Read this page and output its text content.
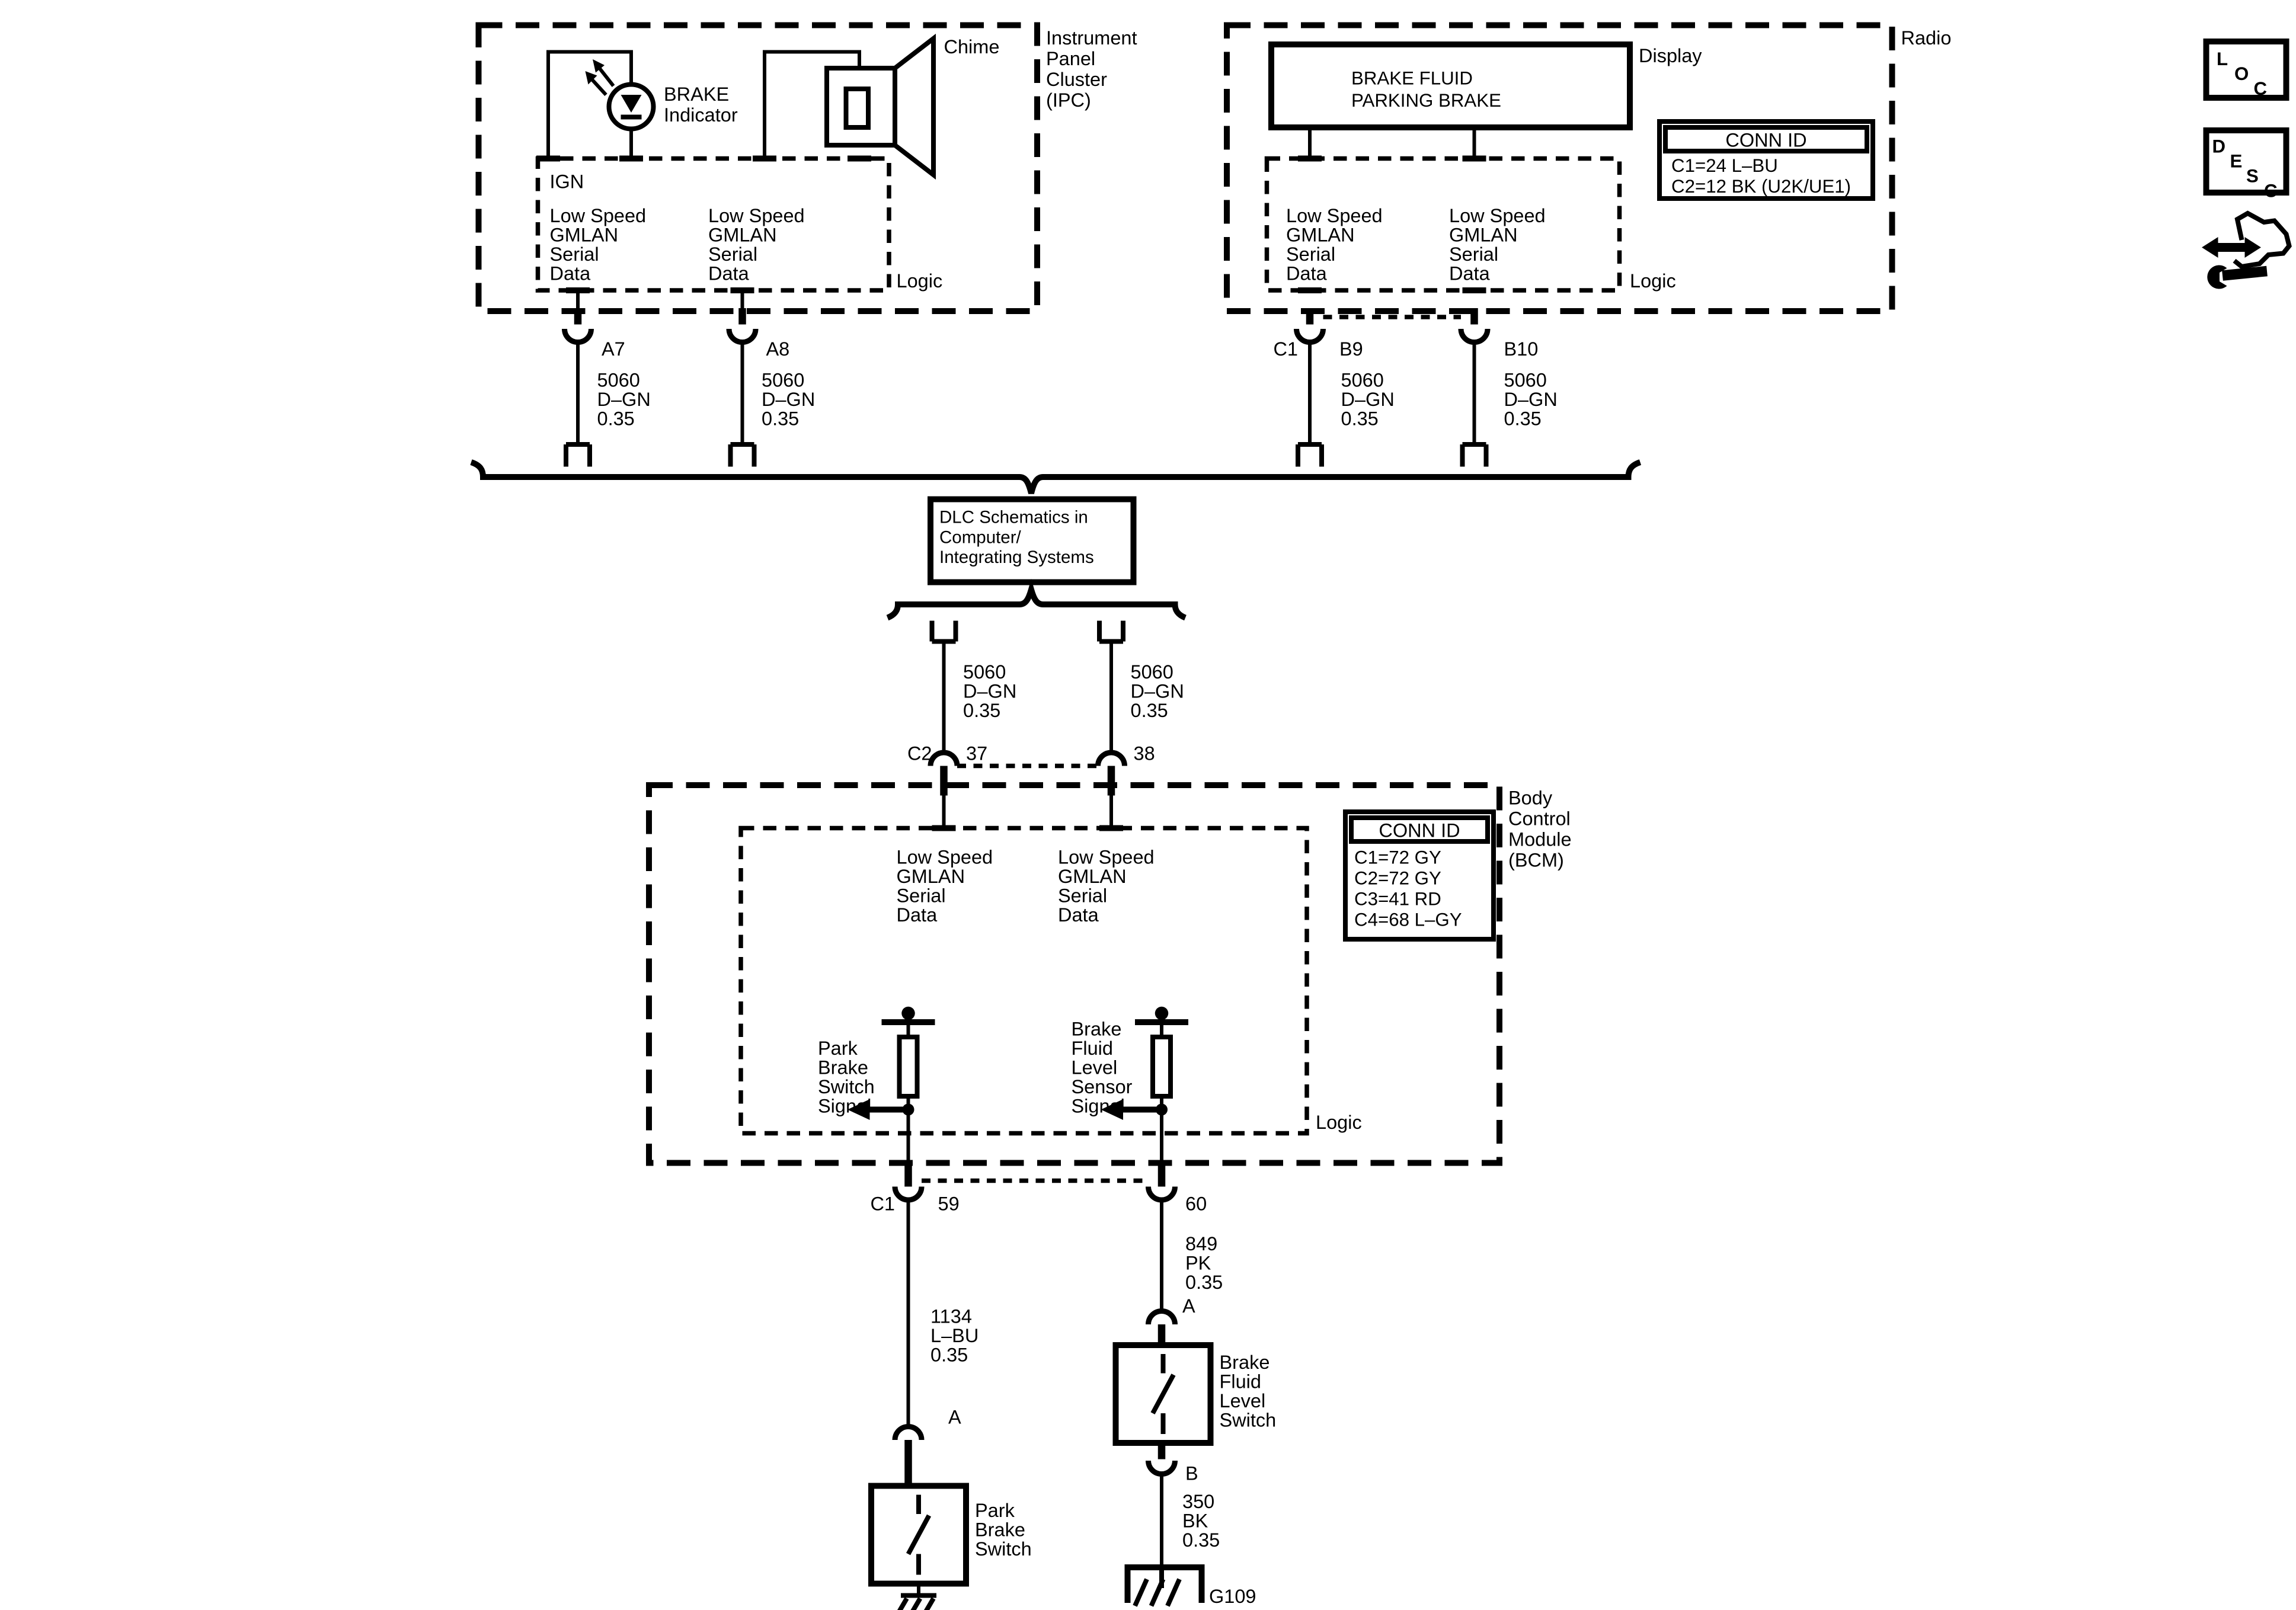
Instrument Panel Cluster (IPC)
BRAKE Indicator
Chime
Logic
IGN
Low Speed GMLAN Serial Data
Low Speed GMLAN Serial Data
Radio
BRAKE FLUID PARKING BRAKE
Display
CONN ID
C1=24 L–BU C2=12 BK (U2K/UE1)
Logic
Low Speed GMLAN Serial Data
Low Speed GMLAN Serial Data
A7
5060 D–GN 0.35
A8
5060 D–GN 0.35
C1	B9
5060 D–GN 0.35
B10
5060 D–GN 0.35
DLC Schematics in Computer/ Integrating Systems
5060 D–GN 0.35
C2	37
5060 D–GN 0.35
38
Body Control Module (BCM)
CONN ID
C1=72 GY C2=72 GY C3=41 RD C4=68 L–GY
Logic
Low Speed GMLAN Serial Data
Low Speed GMLAN Serial Data
Park Brake Switch Signal
Brake Fluid Level Sensor Signal
C1	59	60
1134 L–BU 0.35
A
Park Brake Switch
849 PK 0.35
A
Brake Fluid Level Switch
B
350 BK 0.35
G109
L
O
C
D
E
S
C
